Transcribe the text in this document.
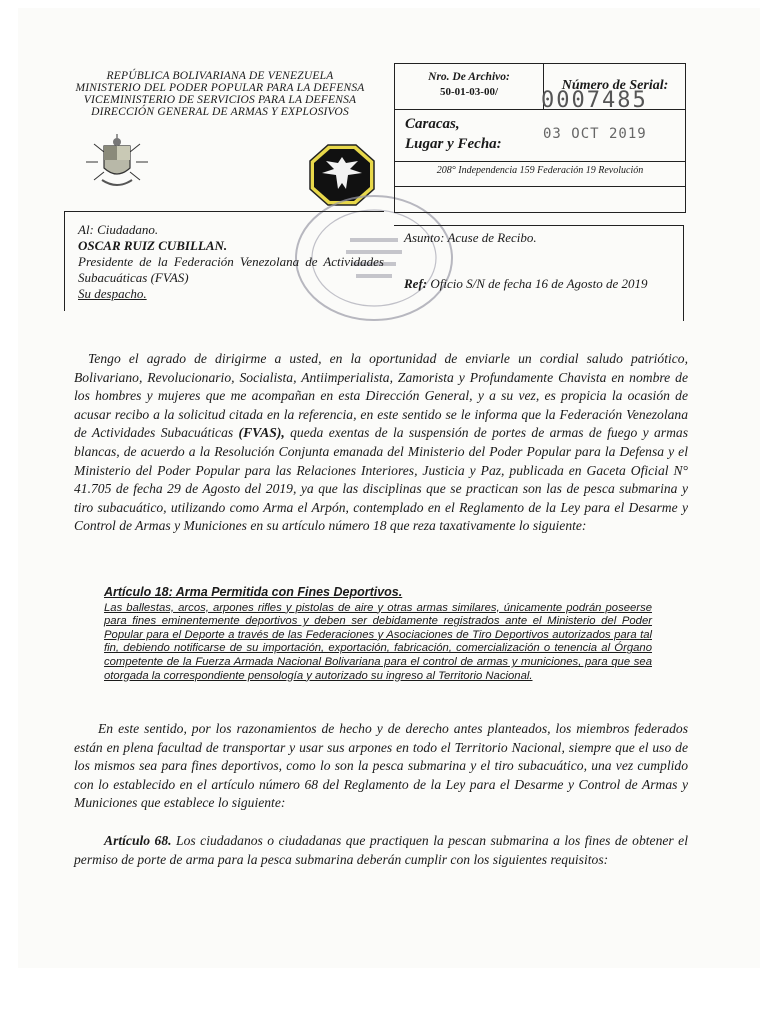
REPÚBLICA BOLIVARIANA DE VENEZUELA
MINISTERIO DEL PODER POPULAR PARA LA DEFENSA
VICEMINISTERIO DE SERVICIOS PARA LA DEFENSA
DIRECCIÓN GENERAL DE ARMAS Y EXPLOSIVOS
Nro. De Archivo:
50-01-03-00/	Número de Serial:
0007485
Caracas,
Lugar y Fecha:
03 OCT 2019
208° Independencia 159 Federación 19 Revolución
Al: Ciudadano.
OSCAR RUIZ CUBILLAN.
Presidente de la Federación Venezolana de Actividades Subacuáticas (FVAS)
Su despacho.
Asunto: Acuse de Recibo.
Ref: Oficio S/N de fecha 16 de Agosto de 2019
Tengo el agrado de dirigirme a usted, en la oportunidad de enviarle un cordial saludo patriótico, Bolivariano, Revolucionario, Socialista, Antiimperialista, Zamorista y Profundamente Chavista en nombre de los hombres y mujeres que me acompañan en esta Dirección General, y a su vez, es propicia la ocasión de acusar recibo a la solicitud citada en la referencia, en este sentido se le informa que la Federación Venezolana de Actividades Subacuáticas (FVAS), queda exentas de la suspensión de portes de armas de fuego y armas blancas, de acuerdo a la Resolución Conjunta emanada del Ministerio del Poder Popular para la Defensa y el Ministerio del Poder Popular para las Relaciones Interiores, Justicia y Paz, publicada en Gaceta Oficial N° 41.705 de fecha 29 de Agosto del 2019, ya que las disciplinas que se practican son las de pesca submarina y tiro subacuático, utilizando como Arma el Arpón, contemplado en el Reglamento de la Ley para el Desarme y Control de Armas y Municiones en su artículo número 18 que reza taxativamente lo siguiente:
Artículo 18: Arma Permitida con Fines Deportivos.
Las ballestas, arcos, arpones rifles y pistolas de aire y otras armas similares, únicamente podrán poseerse para fines eminentemente deportivos y deben ser debidamente registrados ante el Ministerio del Poder Popular para el Deporte a través de las Federaciones y Asociaciones de Tiro Deportivos autorizados para tal fin, debiendo notificarse de su importación, exportación, fabricación, comercialización o tenencia al Órgano competente de la Fuerza Armada Nacional Bolivariana para el control de armas y municiones, para que sea otorgada la correspondiente pensología y autorizado su ingreso al Territorio Nacional.
En este sentido, por los razonamientos de hecho y de derecho antes planteados, los miembros federados están en plena facultad de transportar y usar sus arpones en todo el Territorio Nacional, siempre que el uso de los mismos sea para fines deportivos, como lo son la pesca submarina y el tiro subacuático, una vez cumplido con lo establecido en el artículo número 68 del Reglamento de la Ley para el Desarme y Control de Armas y Municiones que establece lo siguiente:
Artículo 68. Los ciudadanos o ciudadanas que practiquen la pescan submarina a los fines de obtener el permiso de porte de arma para la pesca submarina deberán cumplir con los siguientes requisitos:
